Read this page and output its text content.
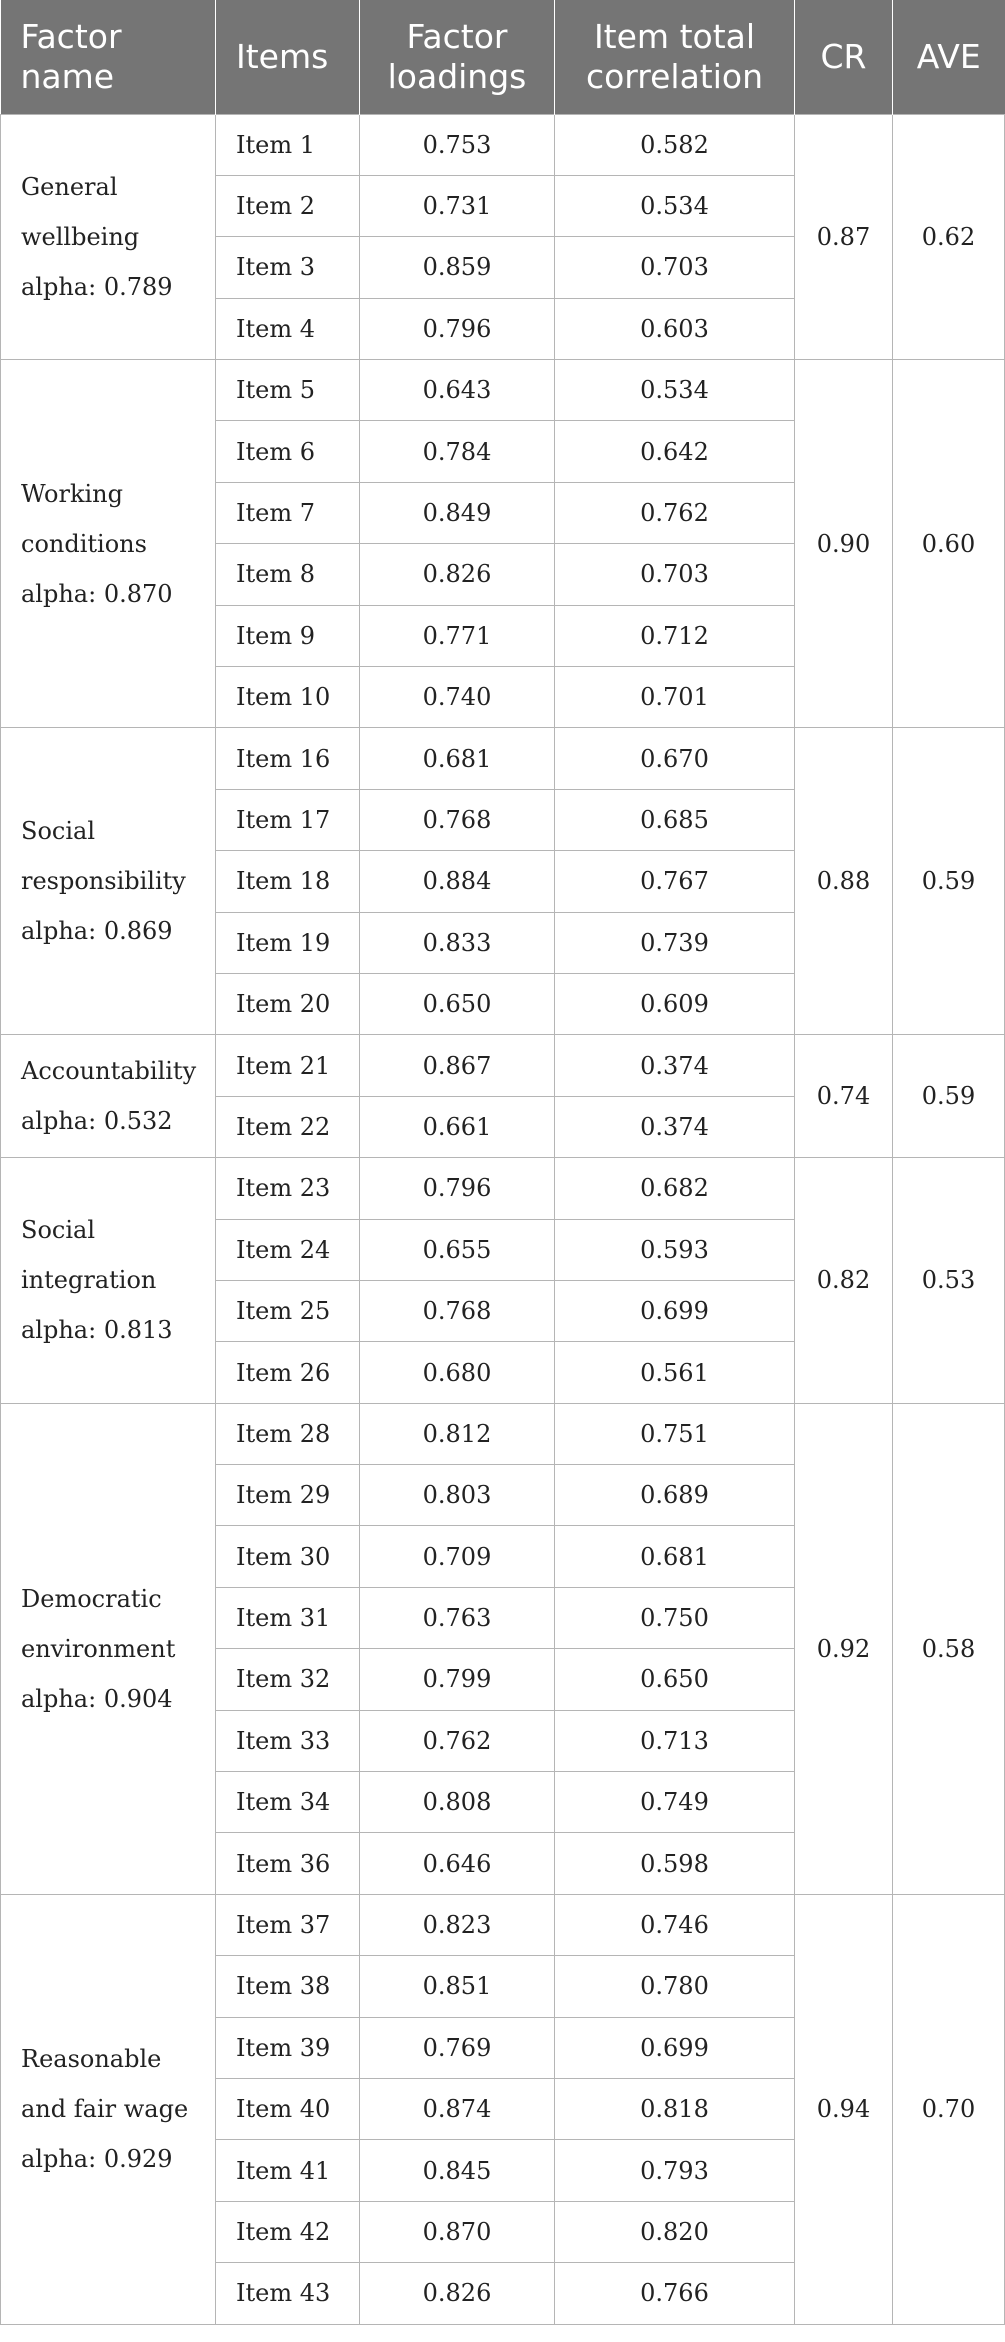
Factor name	Items	Factor loadings	Item total correlation	CR	AVE

General
wellbeing
alpha: 0.789	Item 1	0.753	0.582	0.87	0.62
	Item 2	0.731	0.534		
	Item 3	0.859	0.703		
	Item 4	0.796	0.603		

Working
conditions
alpha: 0.870	Item 5	0.643	0.534	0.90	0.60
	Item 6	0.784	0.642		
	Item 7	0.849	0.762		
	Item 8	0.826	0.703		
	Item 9	0.771	0.712		
	Item 10	0.740	0.701		

Social
responsibility
alpha: 0.869	Item 16	0.681	0.670	0.88	0.59
	Item 17	0.768	0.685		
	Item 18	0.884	0.767		
	Item 19	0.833	0.739		
	Item 20	0.650	0.609		

Accountability
alpha: 0.532	Item 21	0.867	0.374	0.74	0.59
	Item 22	0.661	0.374		

Social
integration
alpha: 0.813	Item 23	0.796	0.682	0.82	0.53
	Item 24	0.655	0.593		
	Item 25	0.768	0.699		
	Item 26	0.680	0.561		

Democratic
environment
alpha: 0.904	Item 28	0.812	0.751	0.92	0.58
	Item 29	0.803	0.689		
	Item 30	0.709	0.681		
	Item 31	0.763	0.750		
	Item 32	0.799	0.650		
	Item 33	0.762	0.713		
	Item 34	0.808	0.749		
	Item 36	0.646	0.598		

Reasonable
and fair wage
alpha: 0.929	Item 37	0.823	0.746	0.94	0.70
	Item 38	0.851	0.780		
	Item 39	0.769	0.699		
	Item 40	0.874	0.818		
	Item 41	0.845	0.793		
	Item 42	0.870	0.820		
	Item 43	0.826	0.766		
